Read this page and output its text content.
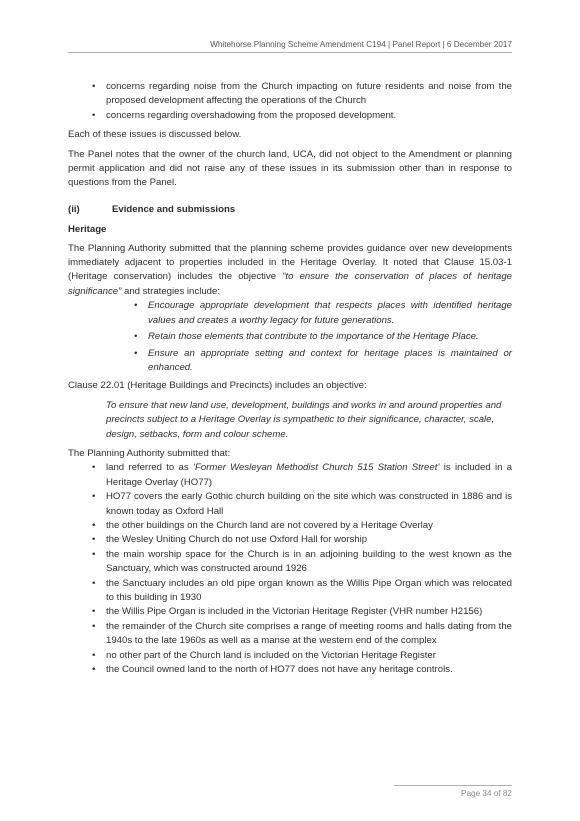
Whitehorse Planning Scheme Amendment C194 | Panel Report | 6 December 2017
• concerns regarding noise from the Church impacting on future residents and noise from the proposed development affecting the operations of the Church
• concerns regarding overshadowing from the proposed development.

Each of these issues is discussed below.

The Panel notes that the owner of the church land, UCA, did not object to the Amendment or planning permit application and did not raise any of these issues in its submission other than in response to questions from the Panel.

(ii)	Evidence and submissions
Heritage

The Planning Authority submitted that the planning scheme provides guidance over new developments immediately adjacent to properties included in the Heritage Overlay. It noted that Clause 15.03-1 (Heritage conservation) includes the objective “to ensure the conservation of places of heritage significance” and strategies include:

• Encourage appropriate development that respects places with identified heritage values and creates a worthy legacy for future generations.
• Retain those elements that contribute to the importance of the Heritage Place.
• Ensure an appropriate setting and context for heritage places is maintained or enhanced.

Clause 22.01 (Heritage Buildings and Precincts) includes an objective:

To ensure that new land use, development, buildings and works in and around properties and precincts subject to a Heritage Overlay is sympathetic to their significance, character, scale, design, setbacks, form and colour scheme.

The Planning Authority submitted that:

• land referred to as ‘Former Wesleyan Methodist Church 515 Station Street’ is included in a Heritage Overlay (HO77)
• HO77 covers the early Gothic church building on the site which was constructed in 1886 and is known today as Oxford Hall
• the other buildings on the Church land are not covered by a Heritage Overlay
• the Wesley Uniting Church do not use Oxford Hall for worship
• the main worship space for the Church is in an adjoining building to the west known as the Sanctuary, which was constructed around 1926
• the Sanctuary includes an old pipe organ known as the Willis Pipe Organ which was relocated to this building in 1930
• the Willis Pipe Organ is included in the Victorian Heritage Register (VHR number H2156)
• the remainder of the Church site comprises a range of meeting rooms and halls dating from the 1940s to the late 1960s as well as a manse at the western end of the complex
• no other part of the Church land is included on the Victorian Heritage Register
• the Council owned land to the north of HO77 does not have any heritage controls.
Page 34 of 82
